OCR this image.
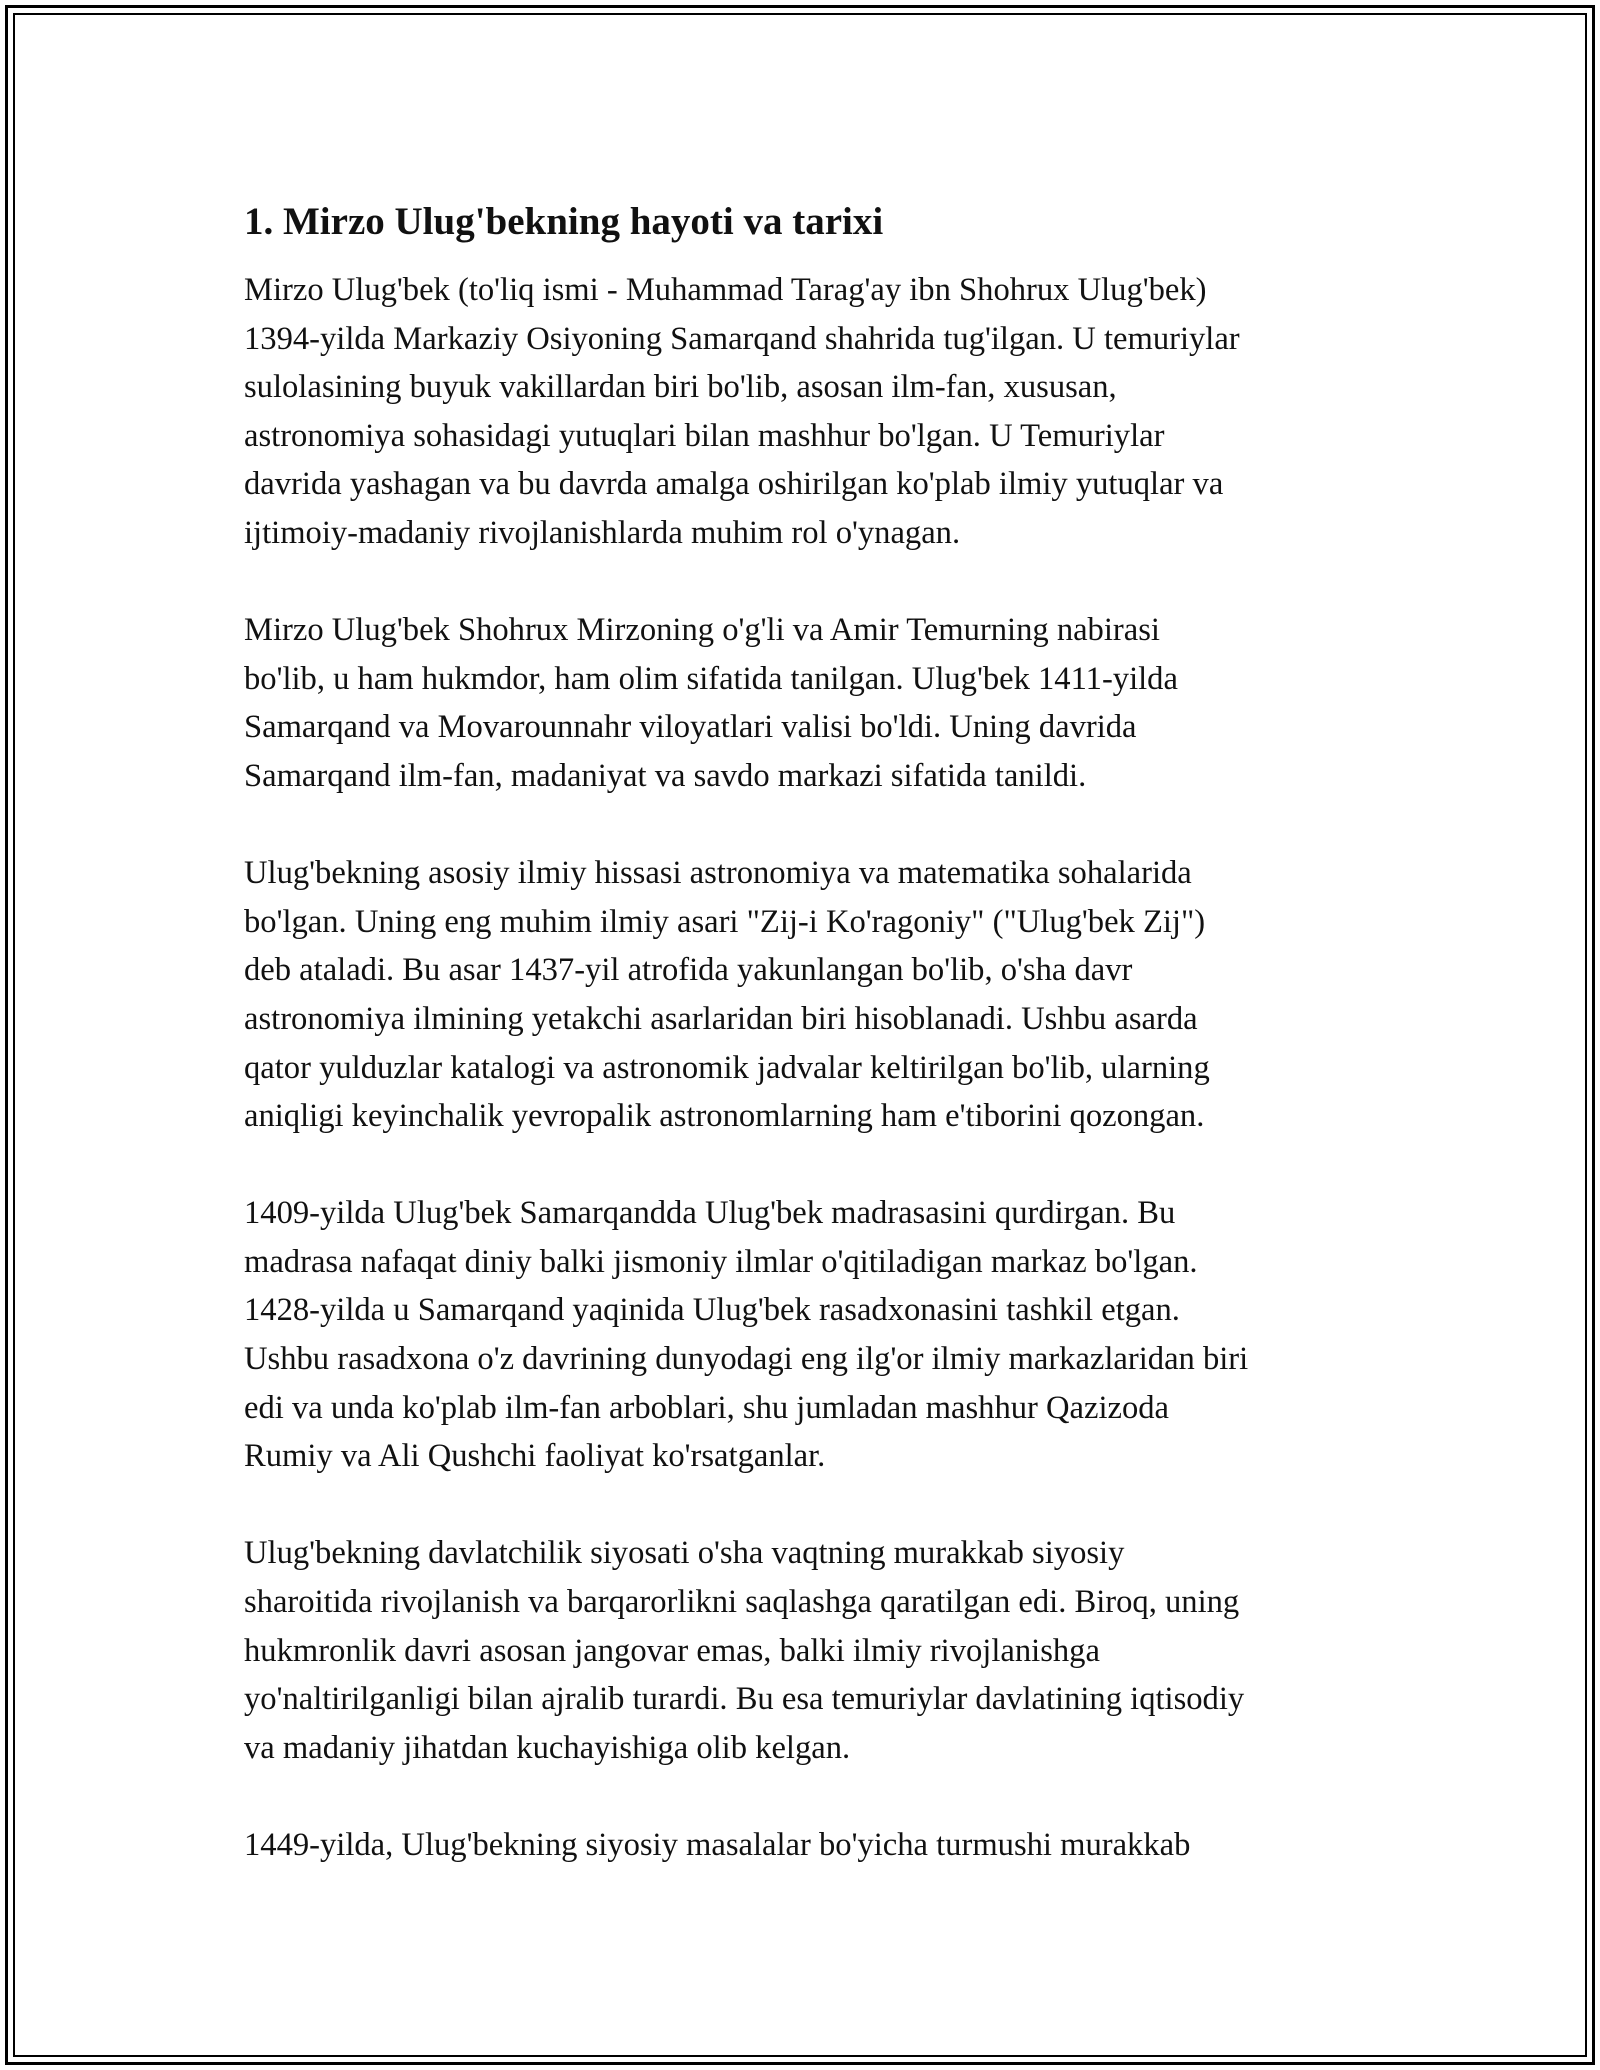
1. Mirzo Ulug'bekning hayoti va tarixi

Mirzo Ulug'bek (to'liq ismi - Muhammad Tarag'ay ibn Shohrux Ulug'bek)
1394-yilda Markaziy Osiyoning Samarqand shahrida tug'ilgan. U temuriylar
sulolasining buyuk vakillardan biri bo'lib, asosan ilm-fan, xususan,
astronomiya sohasidagi yutuqlari bilan mashhur bo'lgan. U Temuriylar
davrida yashagan va bu davrda amalga oshirilgan ko'plab ilmiy yutuqlar va
ijtimoiy-madaniy rivojlanishlarda muhim rol o'ynagan.

Mirzo Ulug'bek Shohrux Mirzoning o'g'li va Amir Temurning nabirasi
bo'lib, u ham hukmdor, ham olim sifatida tanilgan. Ulug'bek 1411-yilda
Samarqand va Movarounnahr viloyatlari valisi bo'ldi. Uning davrida
Samarqand ilm-fan, madaniyat va savdo markazi sifatida tanildi.

Ulug'bekning asosiy ilmiy hissasi astronomiya va matematika sohalarida
bo'lgan. Uning eng muhim ilmiy asari "Zij-i Ko'ragoniy" ("Ulug'bek Zij")
deb ataladi. Bu asar 1437-yil atrofida yakunlangan bo'lib, o'sha davr
astronomiya ilmining yetakchi asarlaridan biri hisoblanadi. Ushbu asarda
qator yulduzlar katalogi va astronomik jadvalar keltirilgan bo'lib, ularning
aniqligi keyinchalik yevropalik astronomlarning ham e'tiborini qozongan.

1409-yilda Ulug'bek Samarqandda Ulug'bek madrasasini qurdirgan. Bu
madrasa nafaqat diniy balki jismoniy ilmlar o'qitiladigan markaz bo'lgan.
1428-yilda u Samarqand yaqinida Ulug'bek rasadxonasini tashkil etgan.
Ushbu rasadxona o'z davrining dunyodagi eng ilg'or ilmiy markazlaridan biri
edi va unda ko'plab ilm-fan arboblari, shu jumladan mashhur Qazizoda
Rumiy va Ali Qushchi faoliyat ko'rsatganlar.

Ulug'bekning davlatchilik siyosati o'sha vaqtning murakkab siyosiy
sharoitida rivojlanish va barqarorlikni saqlashga qaratilgan edi. Biroq, uning
hukmronlik davri asosan jangovar emas, balki ilmiy rivojlanishga
yo'naltirilganligi bilan ajralib turardi. Bu esa temuriylar davlatining iqtisodiy
va madaniy jihatdan kuchayishiga olib kelgan.

1449-yilda, Ulug'bekning siyosiy masalalar bo'yicha turmushi murakkab
